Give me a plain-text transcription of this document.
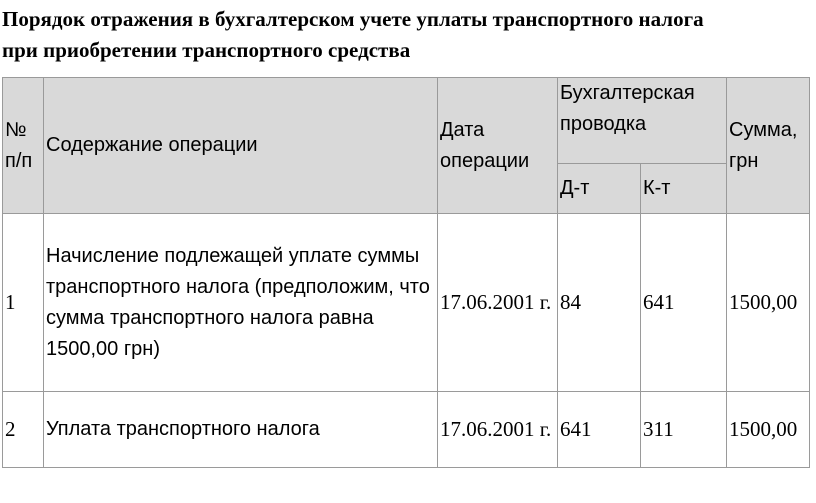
Порядок отражения в бухгалтерском учете уплаты транспортного налога
при приобретении транспортного средства
№ п/п	Содержание операции	Дата операции	Бухгалтерская проводка		Сумма, грн
			Д-т	К-т	
1	Начисление подлежащей уплате суммы транспортного налога (предположим, что сумма транспортного налога равна 1500,00 грн)	17.06.2001 г.	84	641	1500,00
2	Уплата транспортного налога	17.06.2001 г.	641	311	1500,00
